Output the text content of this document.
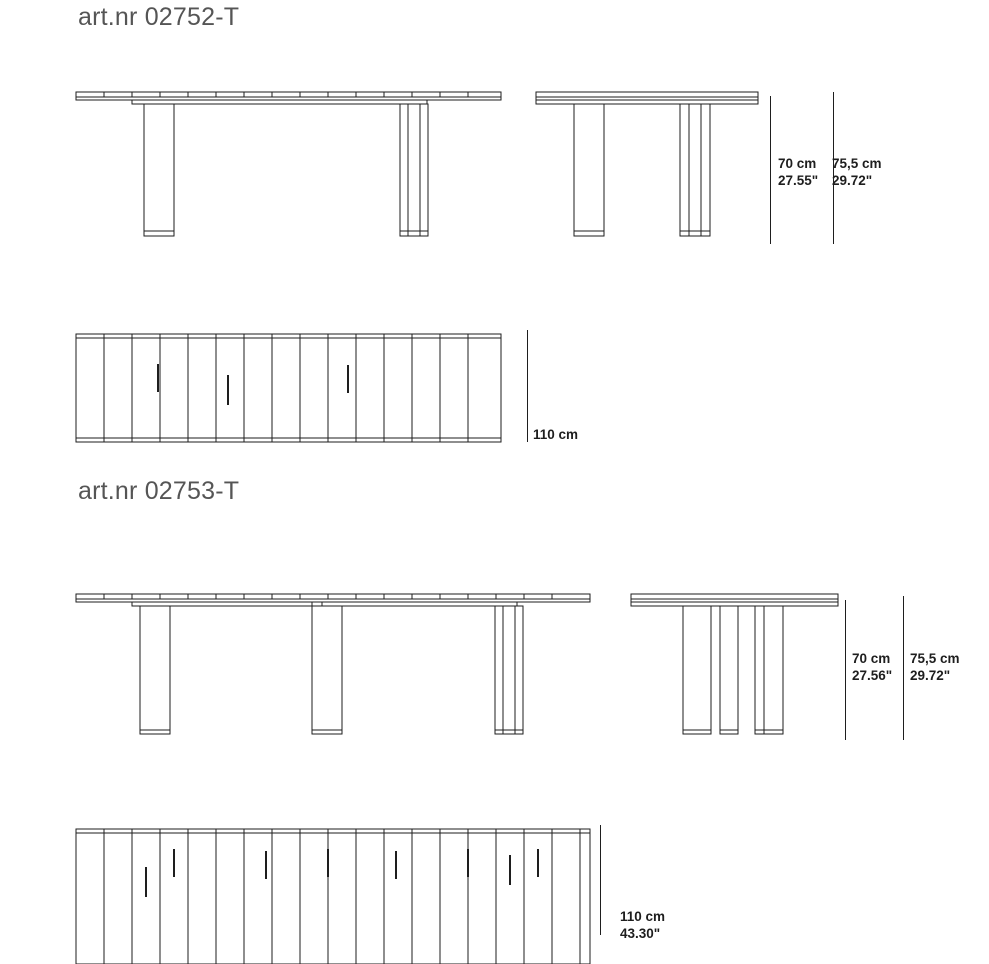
art.nr 02752-T
70 cm
27.55"
75,5 cm
29.72"
110 cm
art.nr 02753-T
70 cm
27.56"
75,5 cm
29.72"
110 cm
43.30"
